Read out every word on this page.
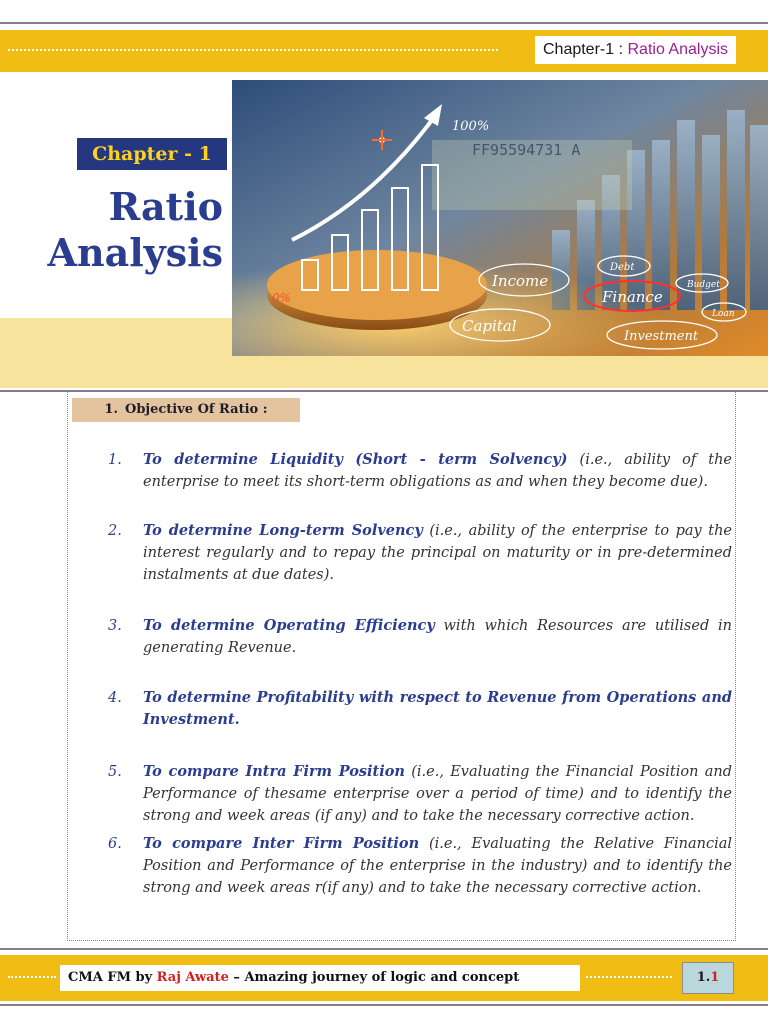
Chapter-1 : Ratio Analysis
Chapter - 1
Ratio
Analysis
FF95594731 A
100%
0%
Income
Finance
Capital
Investment
Debt
Budget
Loan
1. Objective Of Ratio :
1.	To determine Liquidity (Short - term Solvency) (i.e., ability of the enterprise to meet its short-term obligations as and when they become due).
2.	To determine Long-term Solvency (i.e., ability of the enterprise to pay the interest regularly and to repay the principal on maturity or in pre-determined instalments at due dates).
3.	To determine Operating Efficiency with which Resources are utilised in generating Revenue.
4.	To determine Profitability with respect to Revenue from Operations and Investment.
5.	To compare Intra Firm Position (i.e., Evaluating the Financial Position and Performance of thesame enterprise over a period of time) and to identify the strong and week areas (if any) and to take the necessary corrective action.
6.	To compare Inter Firm Position (i.e., Evaluating the Relative Financial Position and Performance of the enterprise in the industry) and to identify the strong and week areas r(if any) and to take the necessary corrective action.
CMA FM by Raj Awate – Amazing journey of logic and concept	1.1
